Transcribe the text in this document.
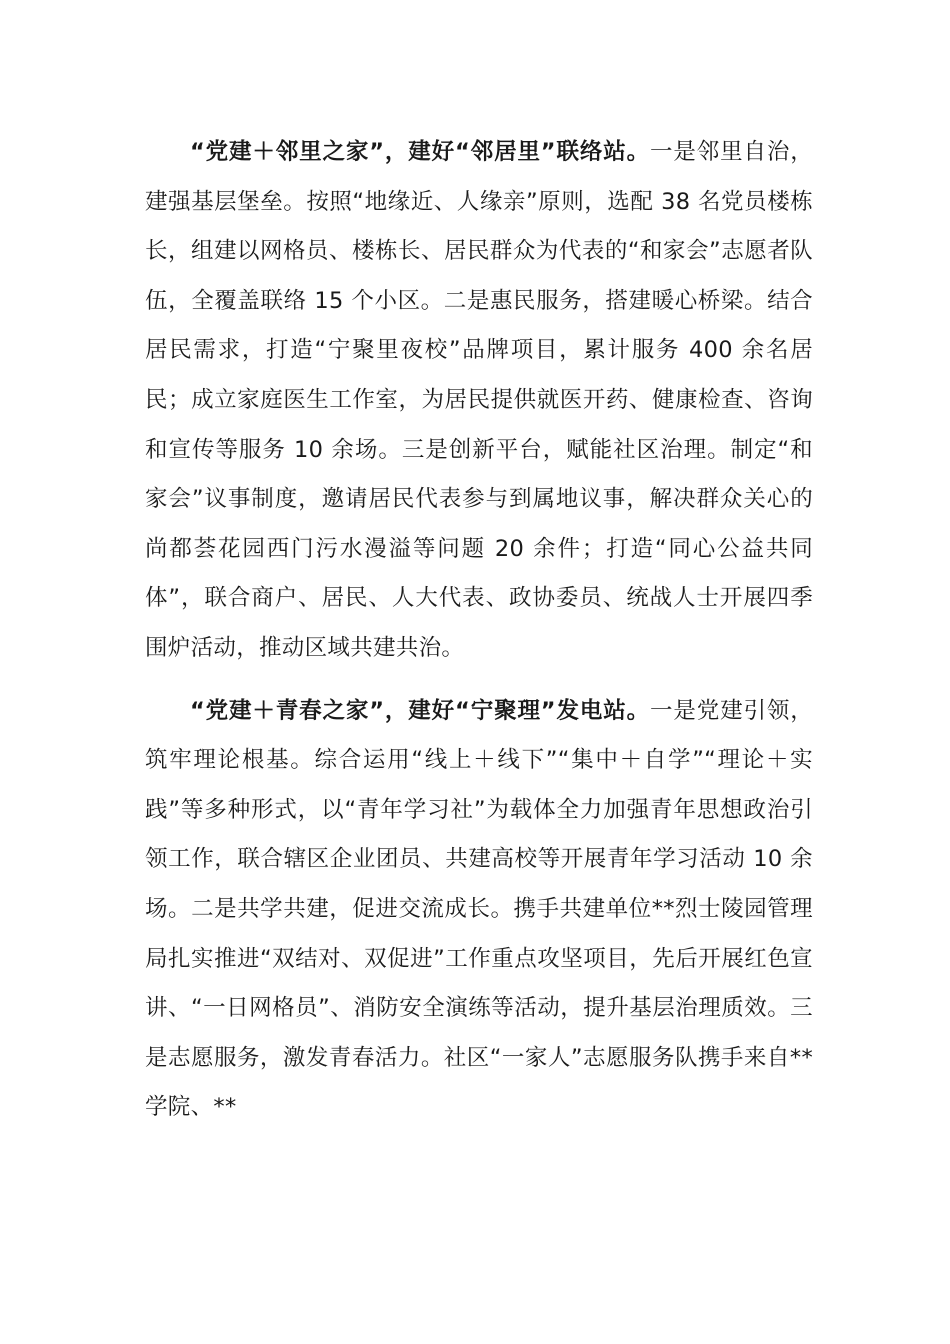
“党建＋邻里之家”，建好“邻居里”联络站。一是邻里自治，建强基层堡垒。按照“地缘近、人缘亲”原则，选配 38 名党员楼栋长，组建以网格员、楼栋长、居民群众为代表的“和家会”志愿者队伍，全覆盖联络 15 个小区。二是惠民服务，搭建暖心桥梁。结合居民需求，打造“宁聚里夜校”品牌项目，累计服务 400 余名居民；成立家庭医生工作室，为居民提供就医开药、健康检查、咨询和宣传等服务 10 余场。三是创新平台，赋能社区治理。制定“和家会”议事制度，邀请居民代表参与到属地议事，解决群众关心的尚都荟花园西门污水漫溢等问题 20 余件；打造“同心公益共同体”，联合商户、居民、人大代表、政协委员、统战人士开展四季围炉活动，推动区域共建共治。

“党建＋青春之家”，建好“宁聚理”发电站。一是党建引领，筑牢理论根基。综合运用“线上＋线下”“集中＋自学”“理论＋实践”等多种形式，以“青年学习社”为载体全力加强青年思想政治引领工作，联合辖区企业团员、共建高校等开展青年学习活动 10 余场。二是共学共建，促进交流成长。携手共建单位**烈士陵园管理局扎实推进“双结对、双促进”工作重点攻坚项目，先后开展红色宣讲、“一日网格员”、消防安全演练等活动，提升基层治理质效。三是志愿服务，激发青春活力。社区“一家人”志愿服务队携手来自**学院、**
